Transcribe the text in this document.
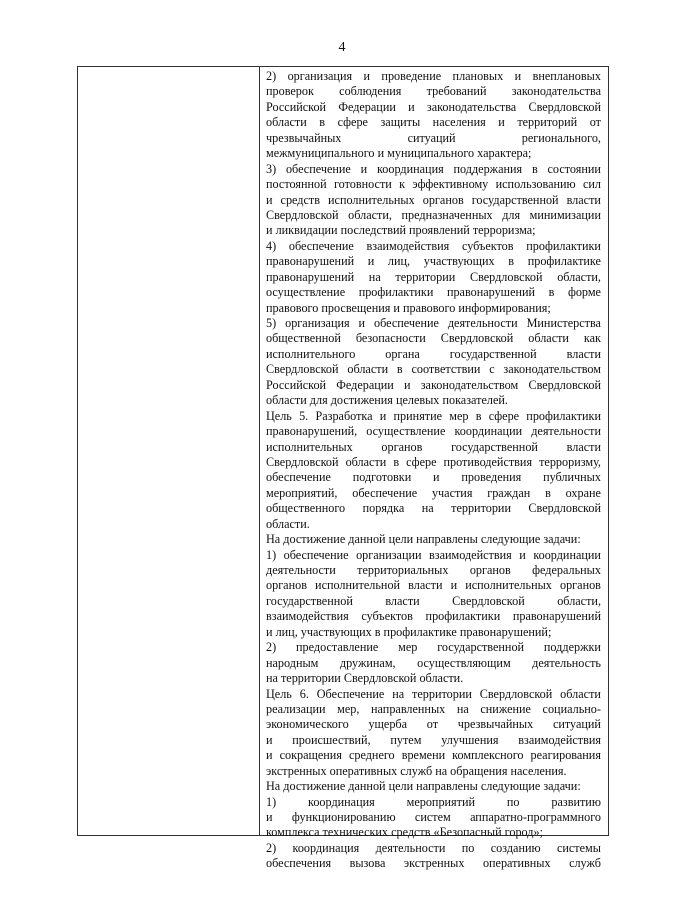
4
2) организация и проведение плановых и внеплановых
проверок соблюдения требований законодательства
Российской Федерации и законодательства Свердловской
области в сфере защиты населения и территорий от
чрезвычайных	ситуаций	регионального,
межмуниципального и муниципального характера;
3) обеспечение и координация поддержания в состоянии
постоянной готовности к эффективному использованию сил
и средств исполнительных органов государственной власти
Свердловской области, предназначенных для минимизации
и ликвидации последствий проявлений терроризма;
4) обеспечение взаимодействия субъектов профилактики
правонарушений и лиц, участвующих в профилактике
правонарушений на территории Свердловской области,
осуществление профилактики правонарушений в форме
правового просвещения и правового информирования;
5) организация и обеспечение деятельности Министерства
общественной безопасности Свердловской области как
исполнительного органа государственной власти
Свердловской области в соответствии с законодательством
Российской Федерации и законодательством Свердловской
области для достижения целевых показателей.
Цель 5. Разработка и принятие мер в сфере профилактики
правонарушений, осуществление координации деятельности
исполнительных органов государственной власти
Свердловской области в сфере противодействия терроризму,
обеспечение подготовки и проведения публичных
мероприятий, обеспечение участия граждан в охране
общественного порядка на территории Свердловской
области.
На достижение данной цели направлены следующие задачи:
1) обеспечение организации взаимодействия и координации
деятельности территориальных органов федеральных
органов исполнительной власти и исполнительных органов
государственной	власти	Свердловской	области,
взаимодействия субъектов профилактики правонарушений
и лиц, участвующих в профилактике правонарушений;
2) предоставление мер государственной поддержки
народным дружинам, осуществляющим деятельность
на территории Свердловской области.
Цель 6. Обеспечение на территории Свердловской области
реализации мер, направленных на снижение социально-
экономического ущерба от чрезвычайных ситуаций
и происшествий, путем улучшения взаимодействия
и сокращения среднего времени комплексного реагирования
экстренных оперативных служб на обращения населения.
На достижение данной цели направлены следующие задачи:
1)	координация	мероприятий	по	развитию
и функционированию систем аппаратно-программного
комплекса технических средств «Безопасный город»;
2) координация деятельности по созданию системы
обеспечения вызова экстренных оперативных служб
